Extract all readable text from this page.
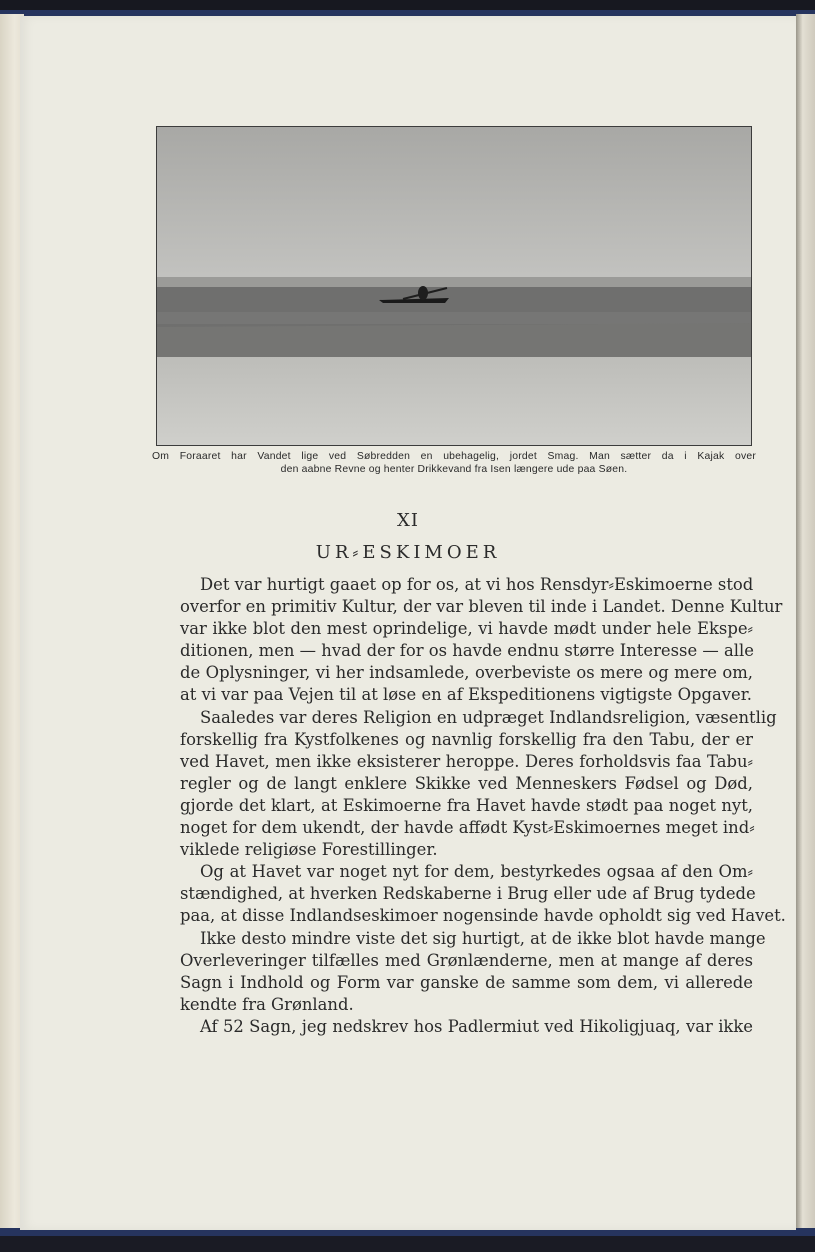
Om Foraaret har Vandet lige ved Søbredden en ubehagelig, jordet Smag. Man sætter da i Kajak over
den aabne Revne og henter Drikkevand fra Isen længere ude paa Søen.
XI
UR⸗ESKIMOER
Det var hurtigt gaaet op for os, at vi hos Rensdyr⸗Eskimoerne stod
overfor en primitiv Kultur, der var bleven til inde i Landet. Denne Kultur
var ikke blot den mest oprindelige, vi havde mødt under hele Ekspe⸗
ditionen, men — hvad der for os havde endnu større Interesse — alle
de Oplysninger, vi her indsamlede, overbeviste os mere og mere om,
at vi var paa Vejen til at løse en af Ekspeditionens vigtigste Opgaver.
Saaledes var deres Religion en udpræget Indlandsreligion, væsentlig
forskellig fra Kystfolkenes og navnlig forskellig fra den Tabu, der er
ved Havet, men ikke eksisterer heroppe. Deres forholdsvis faa Tabu⸗
regler og de langt enklere Skikke ved Menneskers Fødsel og Død,
gjorde det klart, at Eskimoerne fra Havet havde stødt paa noget nyt,
noget for dem ukendt, der havde affødt Kyst⸗Eskimoernes meget ind⸗
viklede religiøse Forestillinger.
Og at Havet var noget nyt for dem, bestyrkedes ogsaa af den Om⸗
stændighed, at hverken Redskaberne i Brug eller ude af Brug tydede
paa, at disse Indlandseskimoer nogensinde havde opholdt sig ved Havet.
Ikke desto mindre viste det sig hurtigt, at de ikke blot havde mange
Overleveringer tilfælles med Grønlænderne, men at mange af deres
Sagn i Indhold og Form var ganske de samme som dem, vi allerede
kendte fra Grønland.
Af 52 Sagn, jeg nedskrev hos Padlermiut ved Hikoligjuaq, var ikke
